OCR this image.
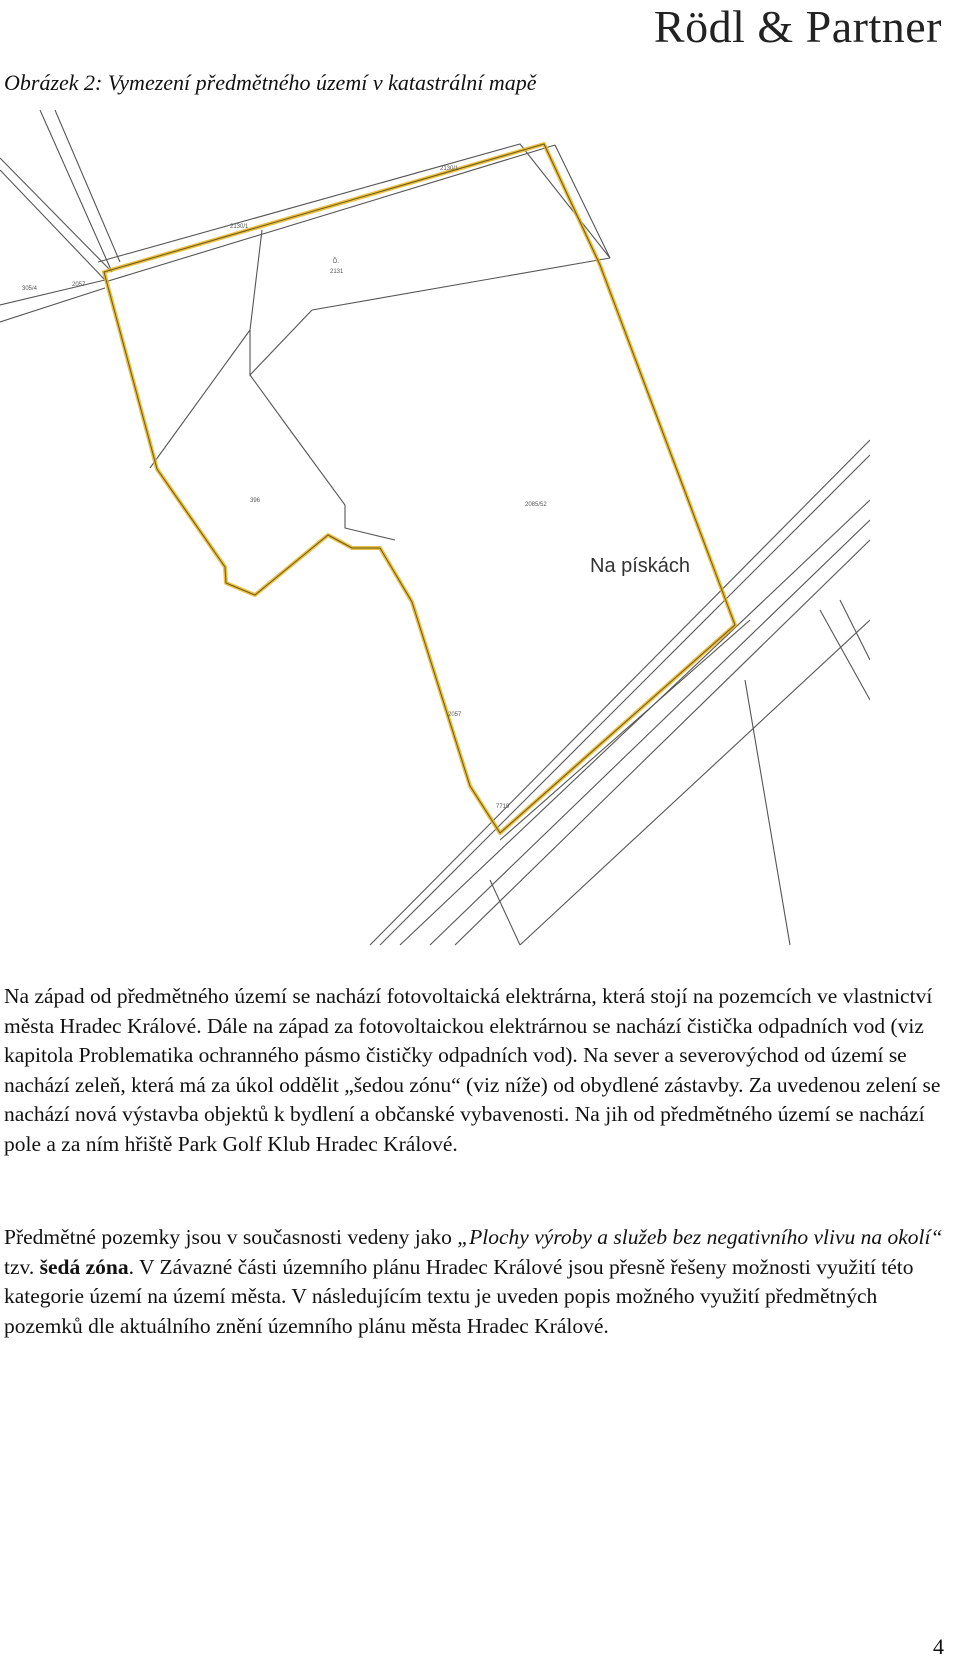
Rödl & Partner
Obrázek 2: Vymezení předmětného území v katastrální mapě
2130/1
2130/1
Ď.
2131
2057
305/4
396
2085/52
2057
7719
Na pískách

Na západ od předmětného území se nachází fotovoltaická elektrárna, která stojí na pozemcích ve vlastnictví města Hradec Králové. Dále na západ za fotovoltaickou elektrárnou se nachází čistička odpadních vod (viz kapitola Problematika ochranného pásmo čističky odpadních vod). Na sever a severovýchod od území se nachází zeleň, která má za úkol oddělit „šedou zónu“ (viz níže) od obydlené zástavby. Za uvedenou zelení se nachází nová výstavba objektů k bydlení a občanské vybavenosti. Na jih od předmětného území se nachází pole a za ním hřiště Park Golf Klub Hradec Králové.

Předmětné pozemky jsou v současnosti vedeny jako „Plochy výroby a služeb bez negativního vlivu na okolí“ tzv. šedá zóna. V Závazné části územního plánu Hradec Králové jsou přesně řešeny možnosti využití této kategorie území na území města. V následujícím textu je uveden popis možného využití předmětných pozemků dle aktuálního znění územního plánu města Hradec Králové.

4
